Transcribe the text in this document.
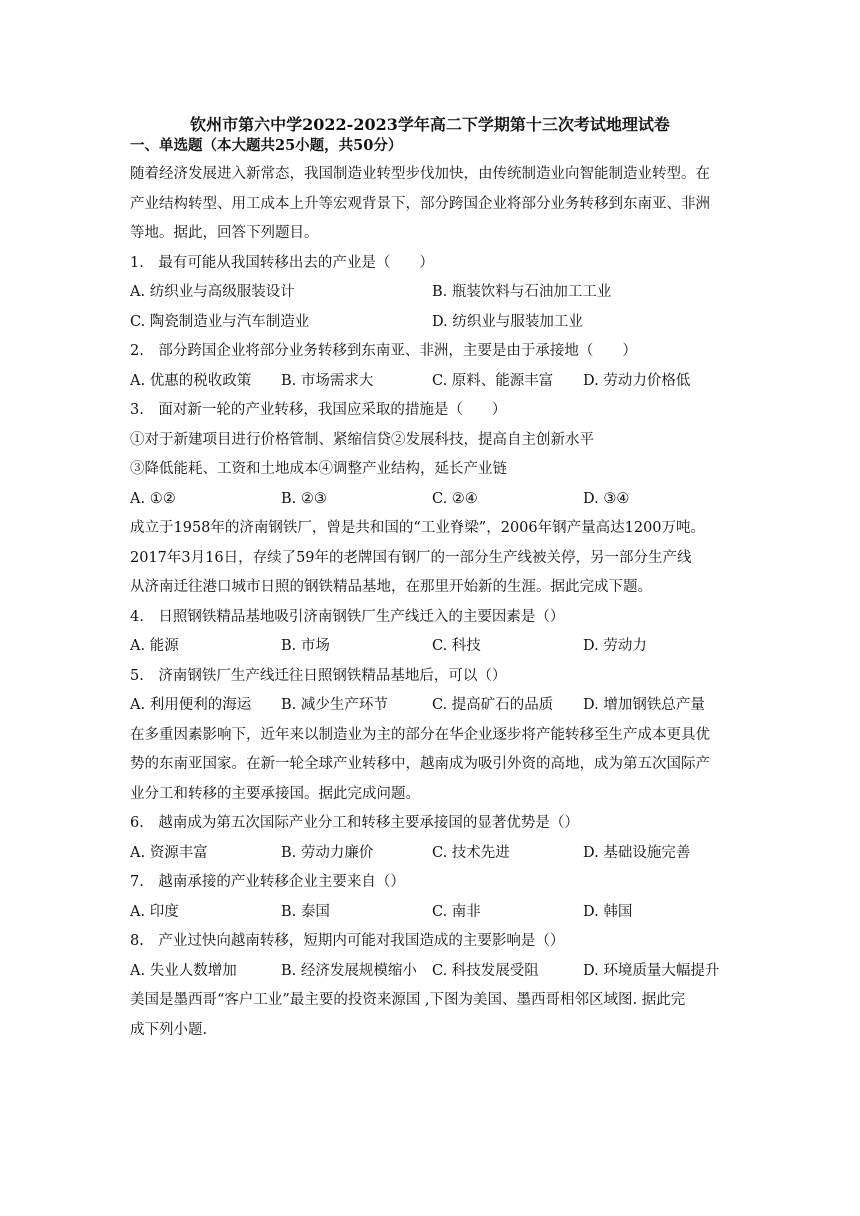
钦州市第六中学2022-2023学年高二下学期第十三次考试地理试卷
一、单选题（本大题共25小题，共50分）
随着经济发展进入新常态，我国制造业转型步伐加快，由传统制造业向智能制造业转型。在
产业结构转型、用工成本上升等宏观背景下，部分跨国企业将部分业务转移到东南亚、非洲
等地。据此，回答下列题目。
1.　最有可能从我国转移出去的产业是（　　）
A. 纺织业与高级服装设计	B. 瓶装饮料与石油加工工业
C. 陶瓷制造业与汽车制造业	D. 纺织业与服装加工业
2.　部分跨国企业将部分业务转移到东南亚、非洲，主要是由于承接地（　　）
A. 优惠的税收政策	B. 市场需求大	C. 原料、能源丰富	D. 劳动力价格低
3.　面对新一轮的产业转移，我国应采取的措施是（　　）
①对于新建项目进行价格管制、紧缩信贷②发展科技，提高自主创新水平
③降低能耗、工资和土地成本④调整产业结构，延长产业链
A. ①②	B. ②③	C. ②④	D. ③④
成立于1958年的济南钢铁厂，曾是共和国的“工业脊梁”，2006年钢产量高达1200万吨。
2017年3月16日，存续了59年的老牌国有钢厂的一部分生产线被关停，另一部分生产线
从济南迁往港口城市日照的钢铁精品基地，在那里开始新的生涯。据此完成下题。
4.　日照钢铁精品基地吸引济南钢铁厂生产线迁入的主要因素是（）
A. 能源	B. 市场	C. 科技	D. 劳动力
5.　济南钢铁厂生产线迁往日照钢铁精品基地后，可以（）
A. 利用便利的海运	B. 减少生产环节	C. 提高矿石的品质	D. 增加钢铁总产量
在多重因素影响下，近年来以制造业为主的部分在华企业逐步将产能转移至生产成本更具优
势的东南亚国家。在新一轮全球产业转移中，越南成为吸引外资的高地，成为第五次国际产
业分工和转移的主要承接国。据此完成问题。
6.　越南成为第五次国际产业分工和转移主要承接国的显著优势是（）
A. 资源丰富	B. 劳动力廉价	C. 技术先进	D. 基础设施完善
7.　越南承接的产业转移企业主要来自（）
A. 印度	B. 泰国	C. 南非	D. 韩国
8.　产业过快向越南转移，短期内可能对我国造成的主要影响是（）
A. 失业人数增加	B. 经济发展规模缩小	C. 科技发展受阻	D. 环境质量大幅提升
美国是墨西哥“客户工业”最主要的投资来源国 ,下图为美国、墨西哥相邻区域图. 据此完
成下列小题.
